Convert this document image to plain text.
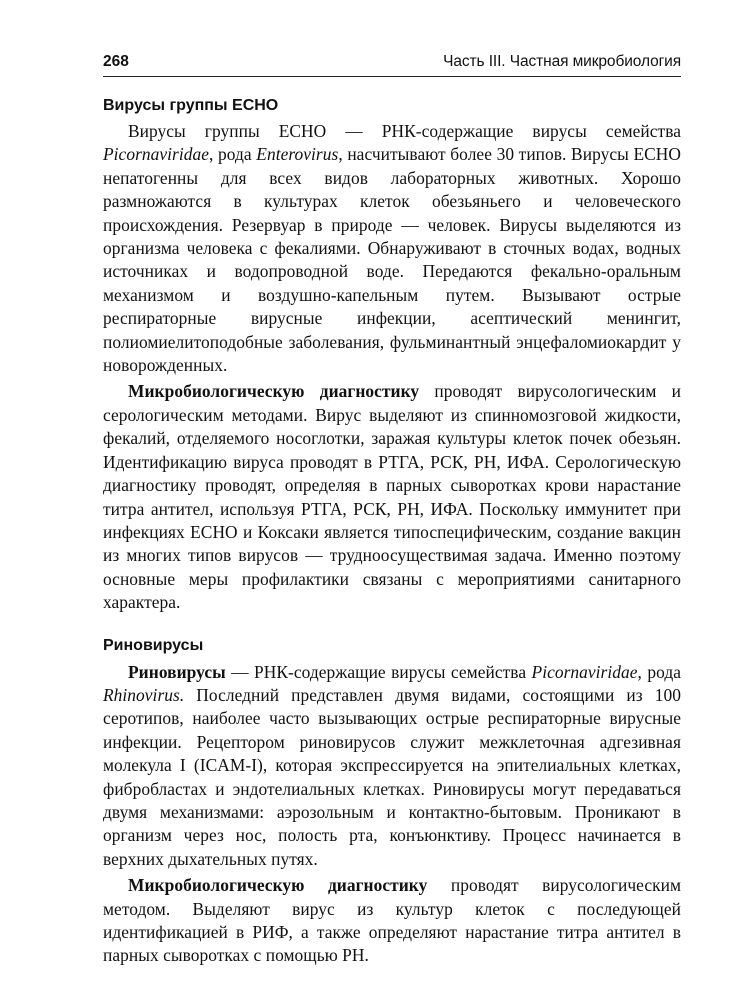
268	Часть III. Частная микробиология
Вирусы группы ECHO

Вирусы группы ECHO — РНК-содержащие вирусы семейства Picornaviridae, рода Enterovirus, насчитывают более 30 типов. Вирусы ECHO непатогенны для всех видов лабораторных животных. Хорошо размножаются в культурах клеток обезьяньего и человеческого происхождения. Резервуар в природе — человек. Вирусы выделяются из организма человека с фекалиями. Обнаруживают в сточных водах, водных источниках и водопроводной воде. Передаются фекально-оральным механизмом и воздушно-капельным путем. Вызывают острые респираторные вирусные инфекции, асептический менингит, полиомиелитоподобные заболевания, фульминантный энцефаломиокардит у новорожденных.

Микробиологическую диагностику проводят вирусологическим и серологическим методами. Вирус выделяют из спинномозговой жидкости, фекалий, отделяемого носоглотки, заражая культуры клеток почек обезьян. Идентификацию вируса проводят в РТГА, РСК, РН, ИФА. Серологическую диагностику проводят, определяя в парных сыворотках крови нарастание титра антител, используя РТГА, РСК, РН, ИФА. Поскольку иммунитет при инфекциях ECHO и Коксаки является типоспецифическим, создание вакцин из многих типов вирусов — трудноосуществимая задача. Именно поэтому основные меры профилактики связаны с мероприятиями санитарного характера.

Риновирусы

Риновирусы — РНК-содержащие вирусы семейства Picornaviridae, рода Rhinovirus. Последний представлен двумя видами, состоящими из 100 серотипов, наиболее часто вызывающих острые респираторные вирусные инфекции. Рецептором риновирусов служит межклеточная адгезивная молекула I (ICAM-I), которая экспрессируется на эпителиальных клетках, фибробластах и эндотелиальных клетках. Риновирусы могут передаваться двумя механизмами: аэрозольным и контактно-бытовым. Проникают в организм через нос, полость рта, конъюнктиву. Процесс начинается в верхних дыхательных путях.

Микробиологическую диагностику проводят вирусологическим методом. Выделяют вирус из культур клеток с последующей идентификацией в РИФ, а также определяют нарастание титра антител в парных сыворотках с помощью РН.
